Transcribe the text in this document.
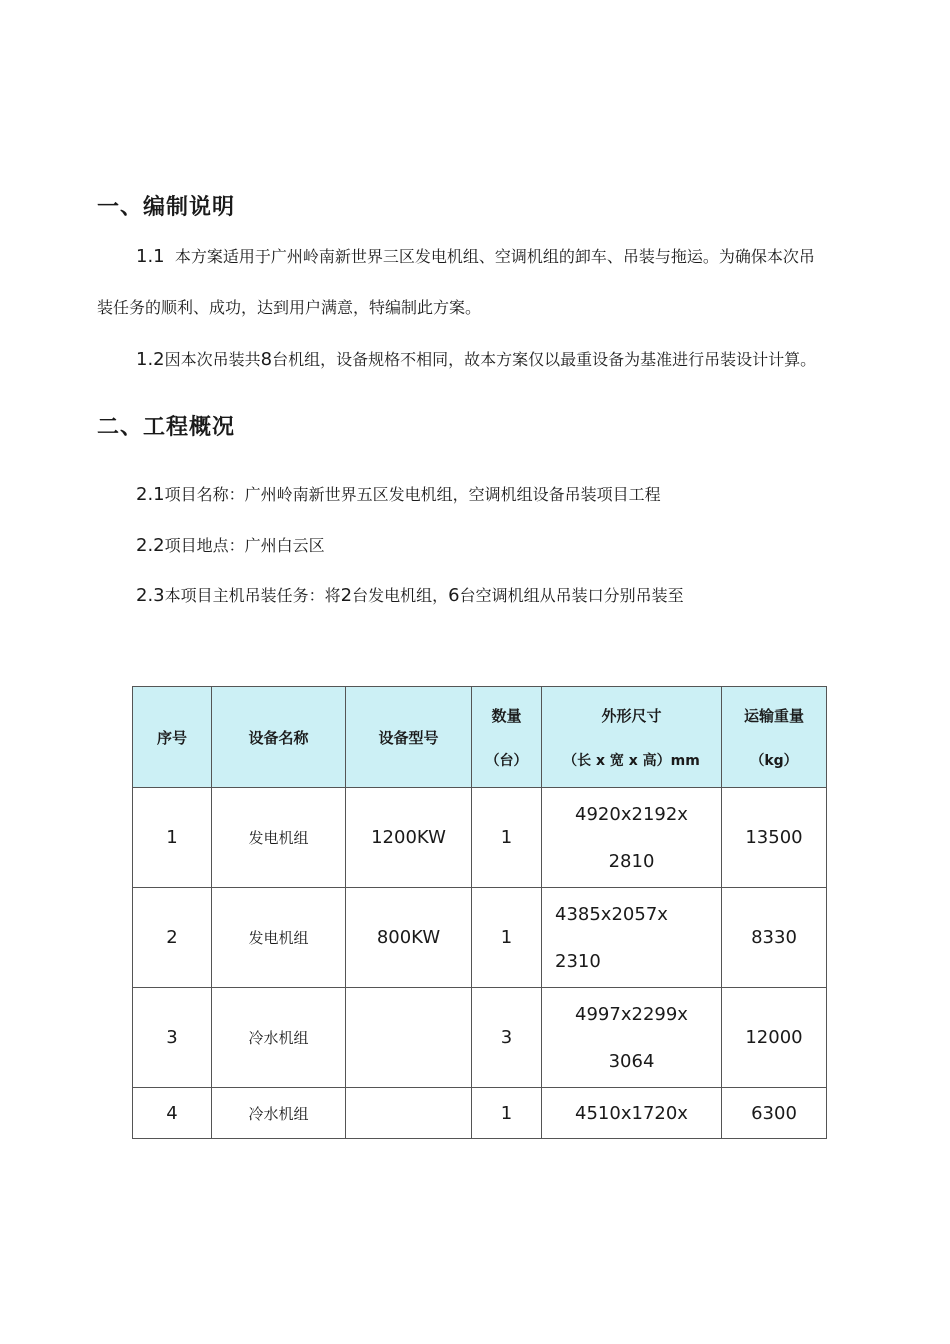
一、编制说明

1.1 本方案适用于广州岭南新世界三区发电机组、空调机组的卸车、吊装与拖运。为确保本次吊

装任务的顺利、成功，达到用户满意，特编制此方案。

1.2因本次吊装共8台机组，设备规格不相同，故本方案仅以最重设备为基准进行吊装设计计算。

二、工程概况

2.1项目名称：广州岭南新世界五区发电机组，空调机组设备吊装项目工程

2.2项目地点：广州白云区

2.3本项目主机吊装任务：将2台发电机组，6台空调机组从吊装口分别吊装至

序号	设备名称	设备型号	数量
（台）	外形尺寸
（长 x 宽 x 高）mm	运输重量
（kg）

1	发电机组	1200KW	1	4920x2192x
2810	13500
2	发电机组	800KW	1	4385x2057x
2310	8330
3	冷水机组		3	4997x2299x
3064	12000
4	冷水机组		1	4510x1720x	6300
